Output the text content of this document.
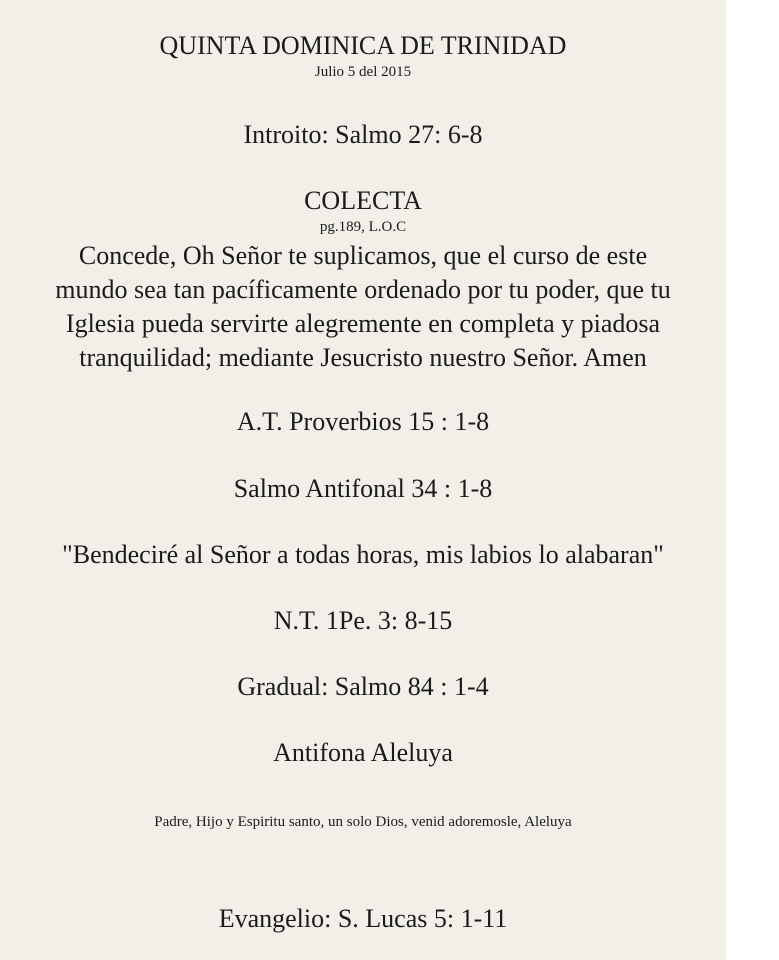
QUINTA DOMINICA DE TRINIDAD

Julio 5 del 2015

Introito: Salmo 27: 6-8

COLECTA

pg.189, L.O.C

Concede, Oh Señor te suplicamos, que el curso de este
mundo sea tan pacíficamente ordenado por tu poder, que tu
Iglesia pueda servirte alegremente en completa y piadosa
tranquilidad; mediante Jesucristo nuestro Señor. Amen

A.T. Proverbios 15 : 1-8

Salmo Antifonal 34 : 1-8

"Bendeciré al Señor a todas horas, mis labios lo alabaran"

N.T. 1Pe. 3: 8-15

Gradual: Salmo 84 : 1-4

Antifona Aleluya

Padre, Hijo y Espiritu santo, un solo Dios, venid adoremosle, Aleluya

Evangelio: S. Lucas 5: 1-11
